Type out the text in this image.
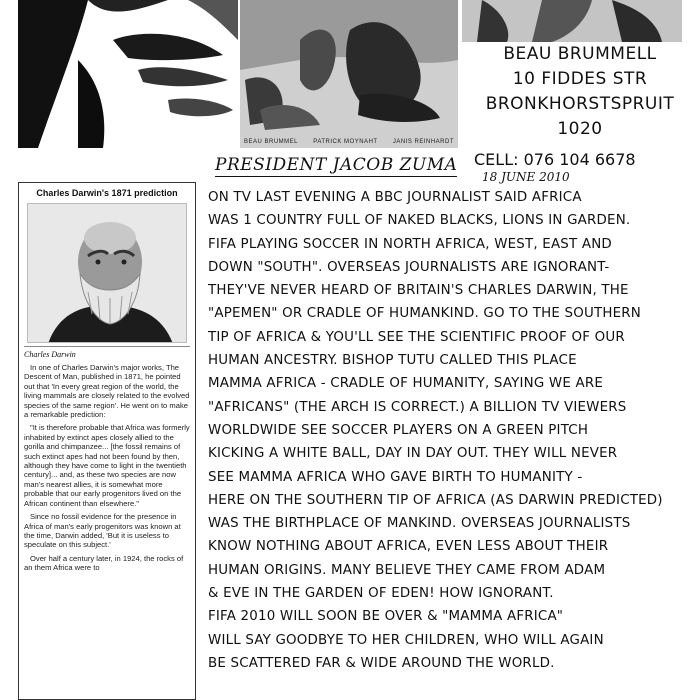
BEAU BRUMMEL	PATRICK MOYNAHT	JANIS REINHARDT
BEAU BRUMMELL
10 FIDDES STR
BRONKHORSTSPRUIT
1020
CELL: 076 104 6678
18 JUNE 2010
PRESIDENT JACOB ZUMA
Charles Darwin's 1871 prediction
Charles Darwin

In one of Charles Darwin's major works, The Descent of Man, published in 1871, he pointed out that 'In every great region of the world, the living mammals are closely related to the evolved species of the same region'. He went on to make a remarkable prediction:

"It is therefore probable that Africa was formerly inhabited by extinct apes closely allied to the gorilla and chimpanzee... [the fossil remains of such extinct apes had not been found by then, although they have come to light in the twentieth century]... and, as these two species are now man's nearest allies, it is somewhat more probable that our early progenitors lived on the African continent than elsewhere."

Since no fossil evidence for the presence in Africa of man's early progenitors was known at the time, Darwin added, 'But it is useless to speculate on this subject.'

Over half a century later, in 1924, the rocks of an them Africa were to

ON TV LAST EVENING A BBC JOURNALIST SAID AFRICA
WAS 1 COUNTRY FULL OF NAKED BLACKS, LIONS IN GARDEN.
FIFA PLAYING SOCCER IN NORTH AFRICA, WEST, EAST AND
DOWN "SOUTH". OVERSEAS JOURNALISTS ARE IGNORANT-
THEY'VE NEVER HEARD OF BRITAIN'S CHARLES DARWIN, THE
"APEMEN" OR CRADLE OF HUMANKIND. GO TO THE SOUTHERN
TIP OF AFRICA & YOU'LL SEE THE SCIENTIFIC PROOF OF OUR
HUMAN ANCESTRY. BISHOP TUTU CALLED THIS PLACE
MAMMA AFRICA - CRADLE OF HUMANITY, SAYING WE ARE
"AFRICANS" (THE ARCH IS CORRECT.) A BILLION TV VIEWERS
WORLDWIDE SEE SOCCER PLAYERS ON A GREEN PITCH
KICKING A WHITE BALL, DAY IN DAY OUT. THEY WILL NEVER
SEE MAMMA AFRICA WHO GAVE BIRTH TO HUMANITY -
HERE ON THE SOUTHERN TIP OF AFRICA (AS DARWIN PREDICTED)
WAS THE BIRTHPLACE OF MANKIND. OVERSEAS JOURNALISTS
KNOW NOTHING ABOUT AFRICA, EVEN LESS ABOUT THEIR
HUMAN ORIGINS. MANY BELIEVE THEY CAME FROM ADAM
& EVE IN THE GARDEN OF EDEN! HOW IGNORANT.
FIFA 2010 WILL SOON BE OVER & "MAMMA AFRICA"
WILL SAY GOODBYE TO HER CHILDREN, WHO WILL AGAIN
BE SCATTERED FAR & WIDE AROUND THE WORLD.
